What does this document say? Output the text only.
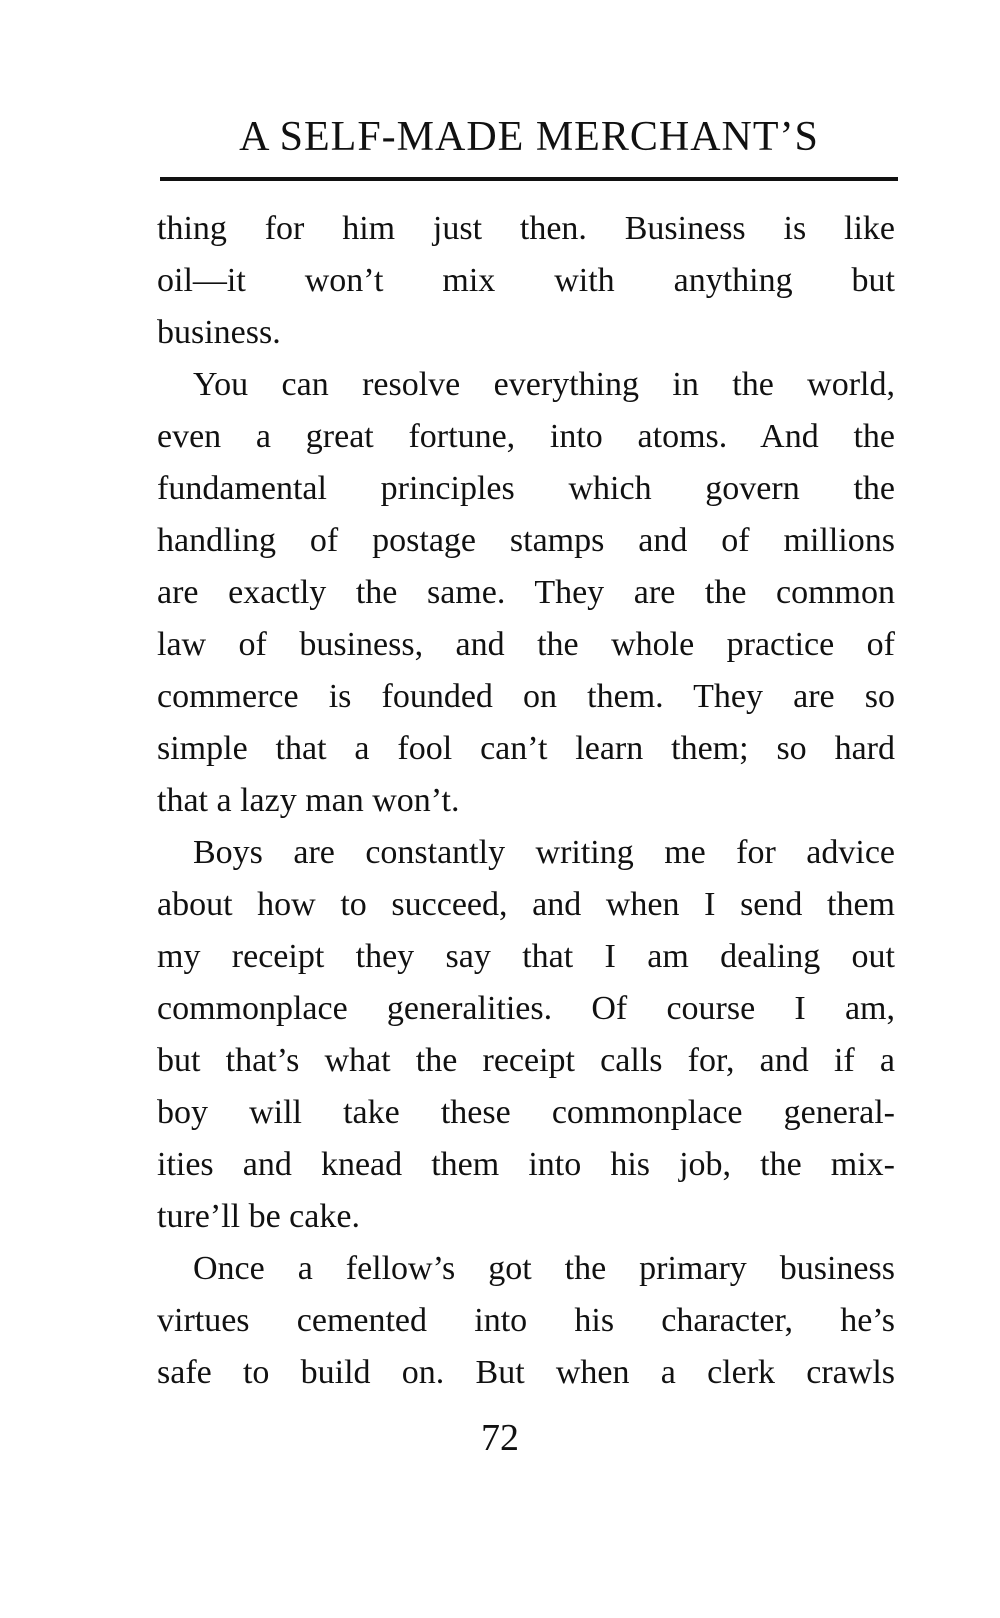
A SELF-MADE MERCHANT’S
thing for him just then. Business is like
oil—it won’t mix with anything but
business.
You can resolve everything in the world,
even a great fortune, into atoms. And the
fundamental principles which govern the
handling of postage stamps and of millions
are exactly the same. They are the common
law of business, and the whole practice of
commerce is founded on them. They are so
simple that a fool can’t learn them; so hard
that a lazy man won’t.
Boys are constantly writing me for advice
about how to succeed, and when I send them
my receipt they say that I am dealing out
commonplace generalities. Of course I am,
but that’s what the receipt calls for, and if a
boy will take these commonplace general-
ities and knead them into his job, the mix-
ture’ll be cake.
Once a fellow’s got the primary business
virtues cemented into his character, he’s
safe to build on. But when a clerk crawls
72
